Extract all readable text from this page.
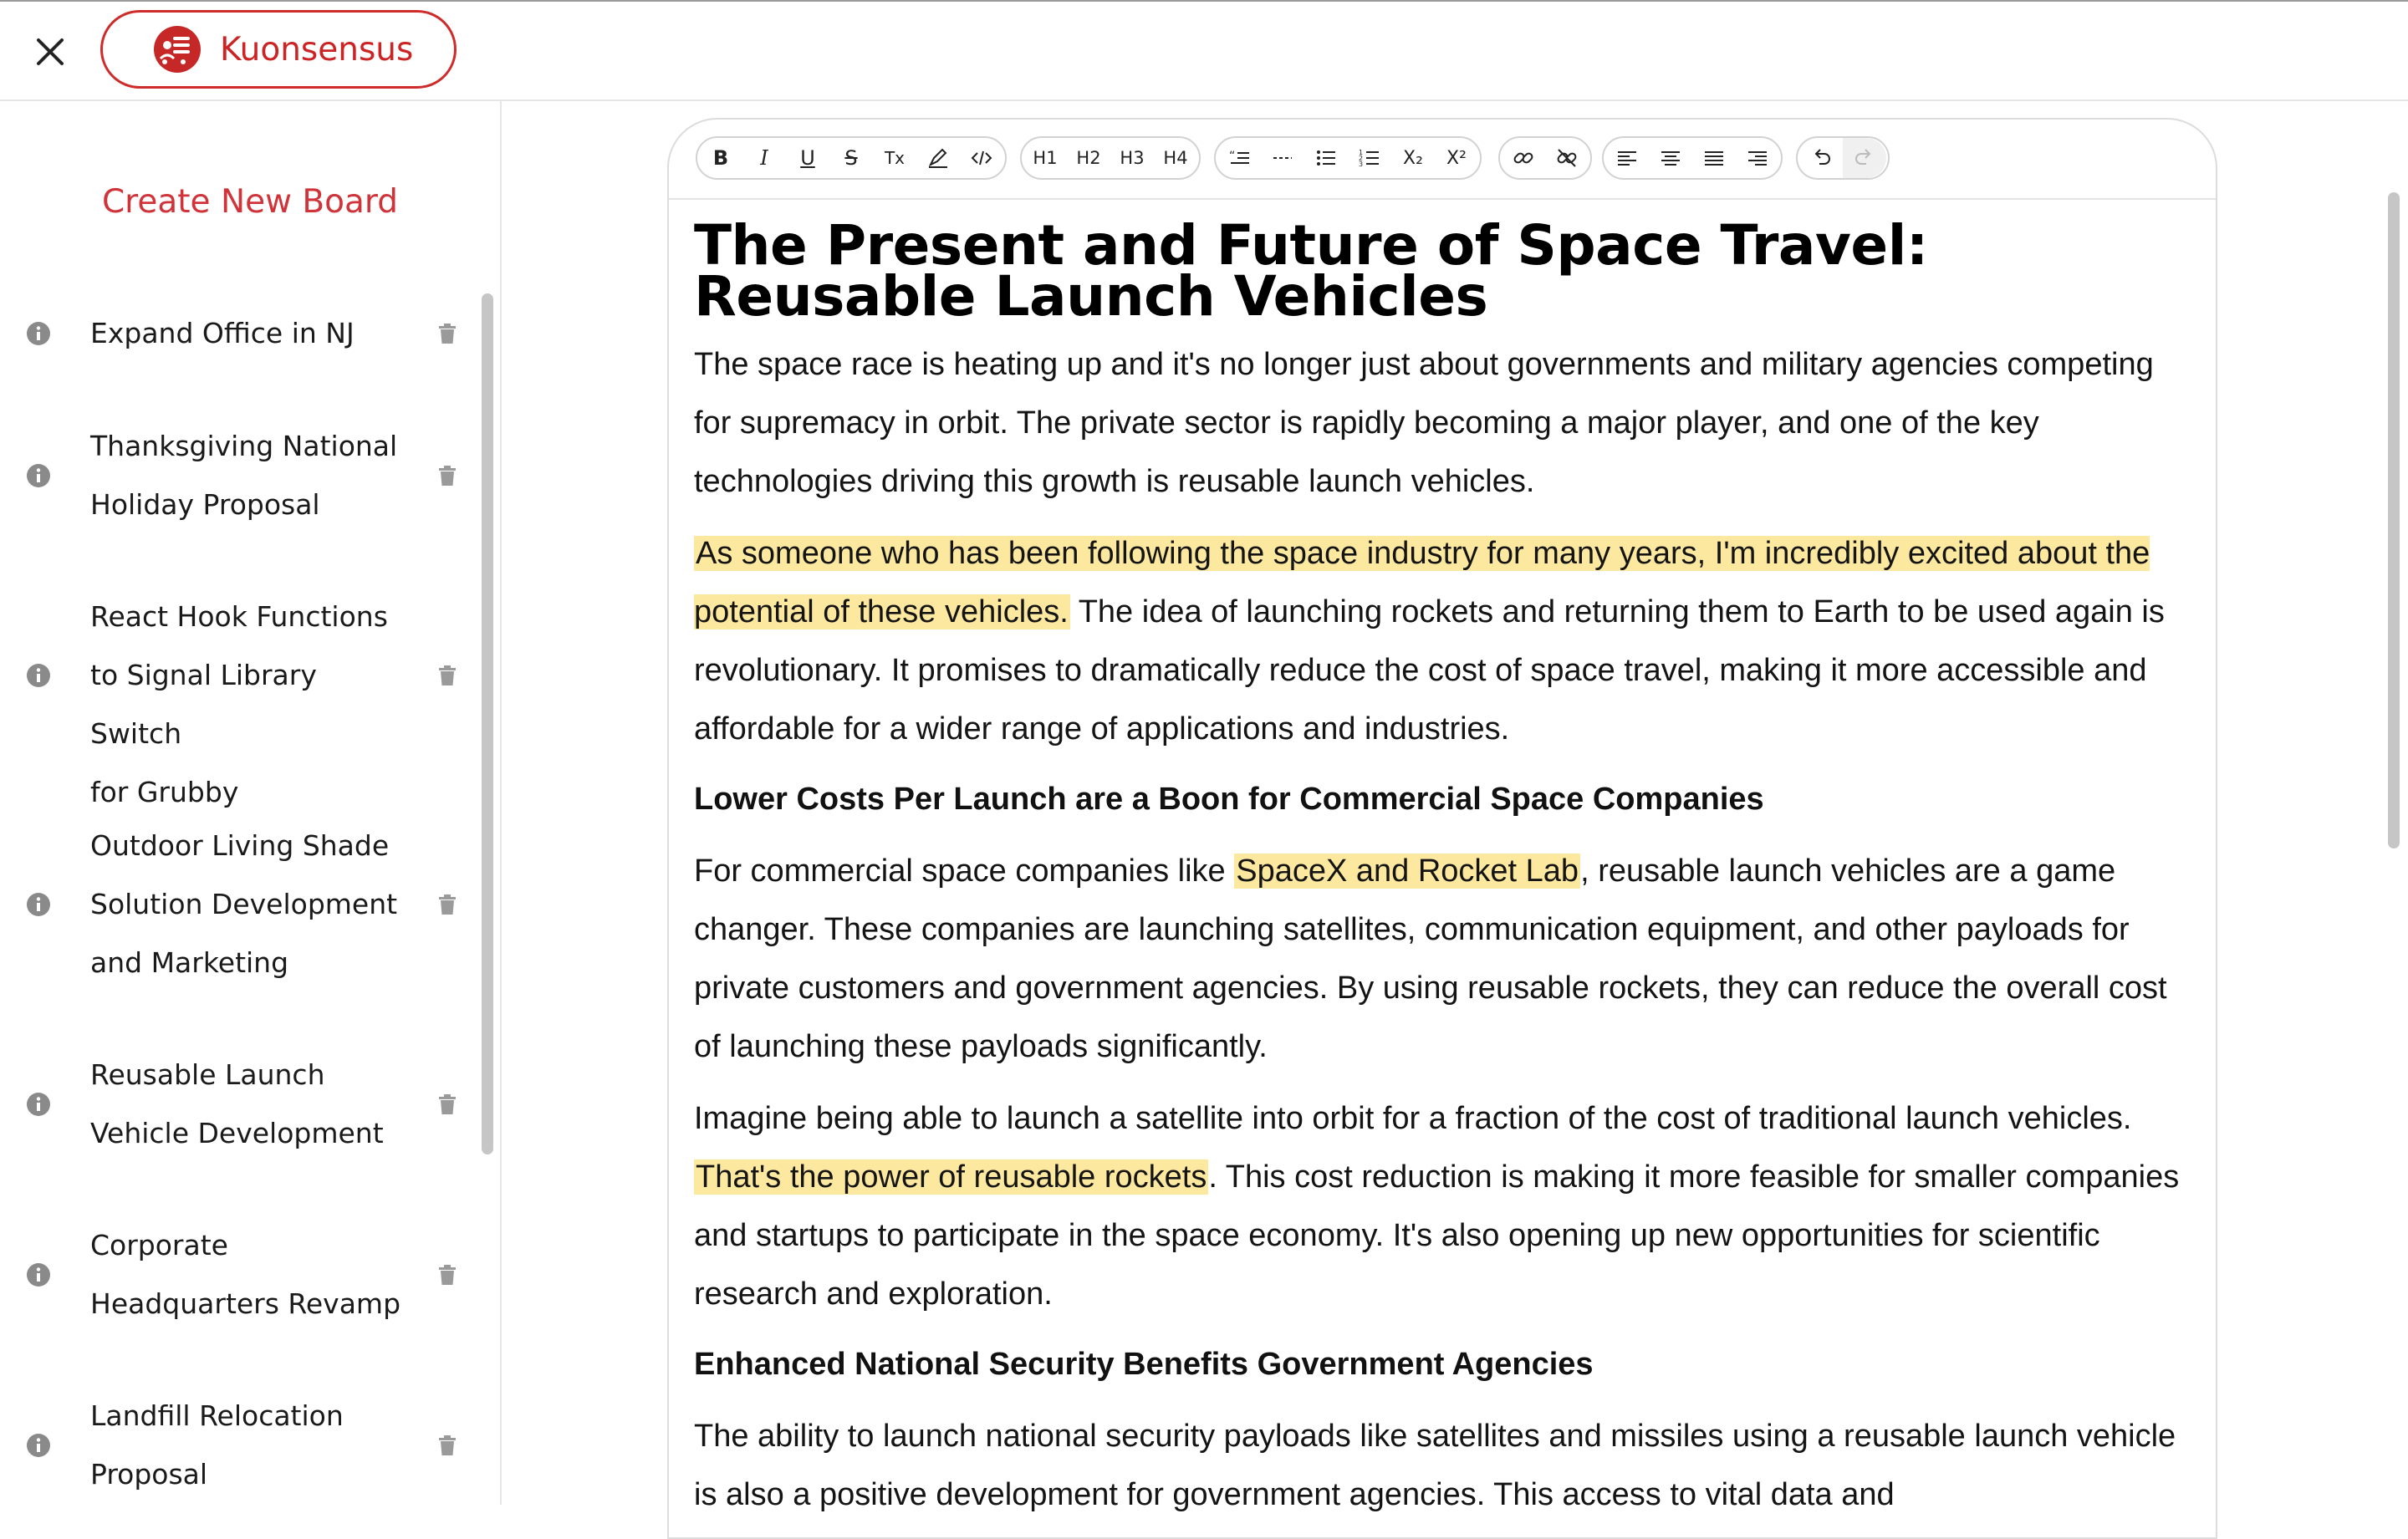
Kuonsensus
Create New Board
Expand Office in NJ
Thanksgiving National
Holiday Proposal
React Hook Functions
to Signal Library Switch
for Grubby
Outdoor Living Shade
Solution Development
and Marketing
Reusable Launch
Vehicle Development
Corporate
Headquarters Revamp
Landfill Relocation
Proposal
B I U S Tx	H1 H2 H3 H4	“	1
2
3 X₂ X²
The Present and Future of Space Travel: Reusable Launch Vehicles

The space race is heating up and it's no longer just about governments and military agencies competing for supremacy in orbit. The private sector is rapidly becoming a major player, and one of the key technologies driving this growth is reusable launch vehicles.

As someone who has been following the space industry for many years, I'm incredibly excited about the potential of these vehicles. The idea of launching rockets and returning them to Earth to be used again is revolutionary. It promises to dramatically reduce the cost of space travel, making it more accessible and affordable for a wider range of applications and industries.

Lower Costs Per Launch are a Boon for Commercial Space Companies

For commercial space companies like SpaceX and Rocket Lab, reusable launch vehicles are a game changer. These companies are launching satellites, communication equipment, and other payloads for private customers and government agencies. By using reusable rockets, they can reduce the overall cost of launching these payloads significantly.

Imagine being able to launch a satellite into orbit for a fraction of the cost of traditional launch vehicles. That's the power of reusable rockets. This cost reduction is making it more feasible for smaller companies and startups to participate in the space economy. It's also opening up new opportunities for scientific research and exploration.

Enhanced National Security Benefits Government Agencies

The ability to launch national security payloads like satellites and missiles using a reusable launch vehicle is also a positive development for government agencies. This access to vital data and
